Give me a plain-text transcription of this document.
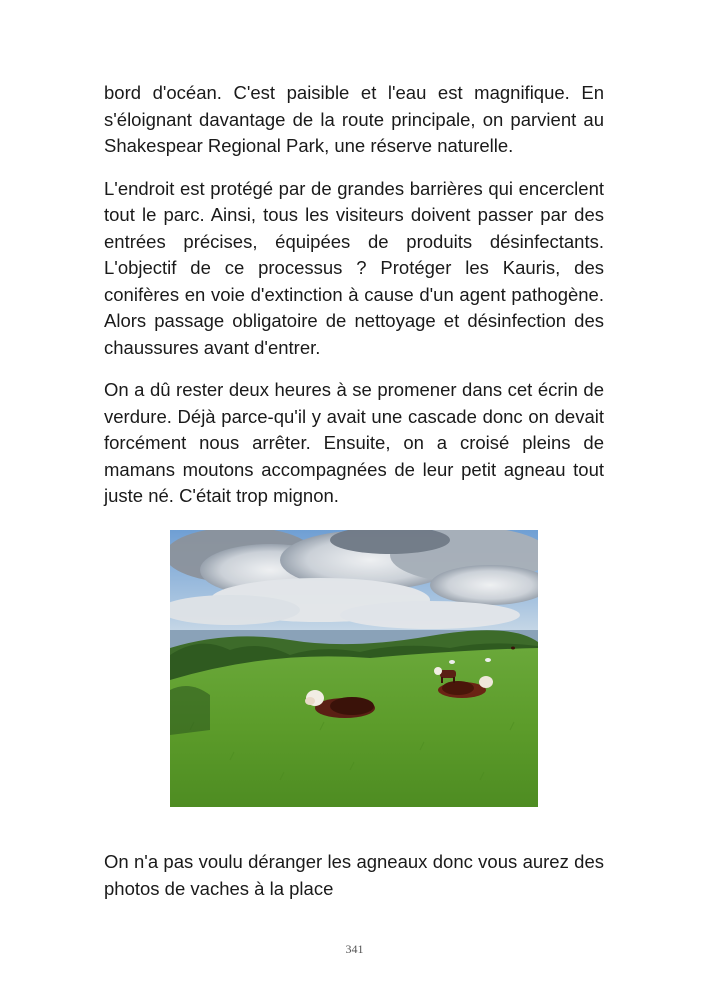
bord d'océan. C'est paisible et l'eau est magnifique. En s'éloignant davantage de la route principale, on parvient au Shakespear Regional Park, une réserve naturelle.

L'endroit est protégé par de grandes barrières qui encerclent tout le parc. Ainsi, tous les visiteurs doivent passer par des entrées précises, équipées de produits désinfectants. L'objectif de ce processus ? Protéger les Kauris, des conifères en voie d'extinction à cause d'un agent pathogène. Alors passage obligatoire de nettoyage et désinfection des chaussures avant d'entrer.

On a dû rester deux heures à se promener dans cet écrin de verdure. Déjà parce-qu'il y avait une cascade donc on devait forcément nous arrêter. Ensuite, on a croisé pleins de mamans moutons accompagnées de leur petit agneau tout juste né. C'était trop mignon.

On n'a pas voulu déranger les agneaux donc vous aurez des photos de vaches à la place

341
